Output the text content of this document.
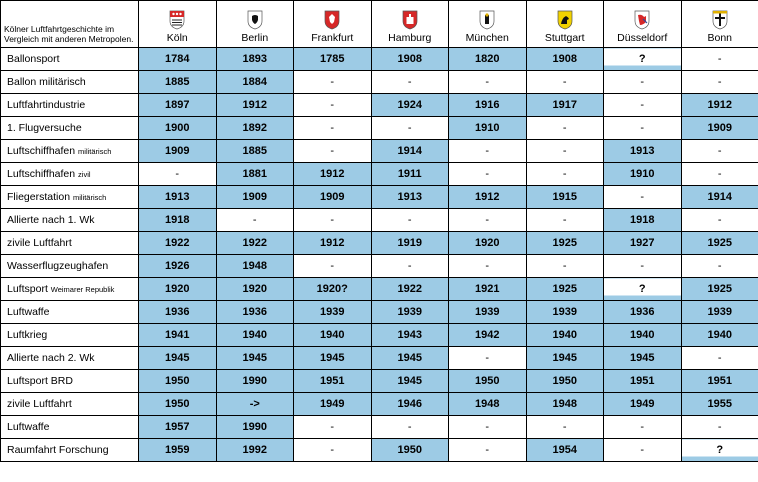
Kölner Luftfahrtgeschichte im Vergleich mit anderen Metropolen.	Köln	Berlin	Frankfurt	Hamburg	München	Stuttgart	Düsseldorf	Bonn

Ballonsport	1784	1893	1785	1908	1820	1908	?	-
Ballon militärisch	1885	1884	-	-	-	-	-	-
Luftfahrtindustrie	1897	1912	-	1924	1916	1917	-	1912
1. Flugversuche	1900	1892	-	-	1910	-	-	1909
Luftschiffhafen militärisch	1909	1885	-	1914	-	-	1913	-
Luftschiffhafen zivil	-	1881	1912	1911	-	-	1910	-
Fliegerstation militärisch	1913	1909	1909	1913	1912	1915	-	1914
Allierte nach 1. Wk	1918	-	-	-	-	-	1918	-
zivile Luftfahrt	1922	1922	1912	1919	1920	1925	1927	1925
Wasserflugzeughafen	1926	1948	-	-	-	-	-	-
Luftsport Weimarer Republik	1920	1920	1920?	1922	1921	1925	?	1925
Luftwaffe	1936	1936	1939	1939	1939	1939	1936	1939
Luftkrieg	1941	1940	1940	1943	1942	1940	1940	1940
Allierte nach 2. Wk	1945	1945	1945	1945	-	1945	1945	-
Luftsport BRD	1950	1990	1951	1945	1950	1950	1951	1951
zivile Luftfahrt	1950	->	1949	1946	1948	1948	1949	1955
Luftwaffe	1957	1990	-	-	-	-	-	-
Raumfahrt Forschung	1959	1992	-	1950	-	1954	-	?
